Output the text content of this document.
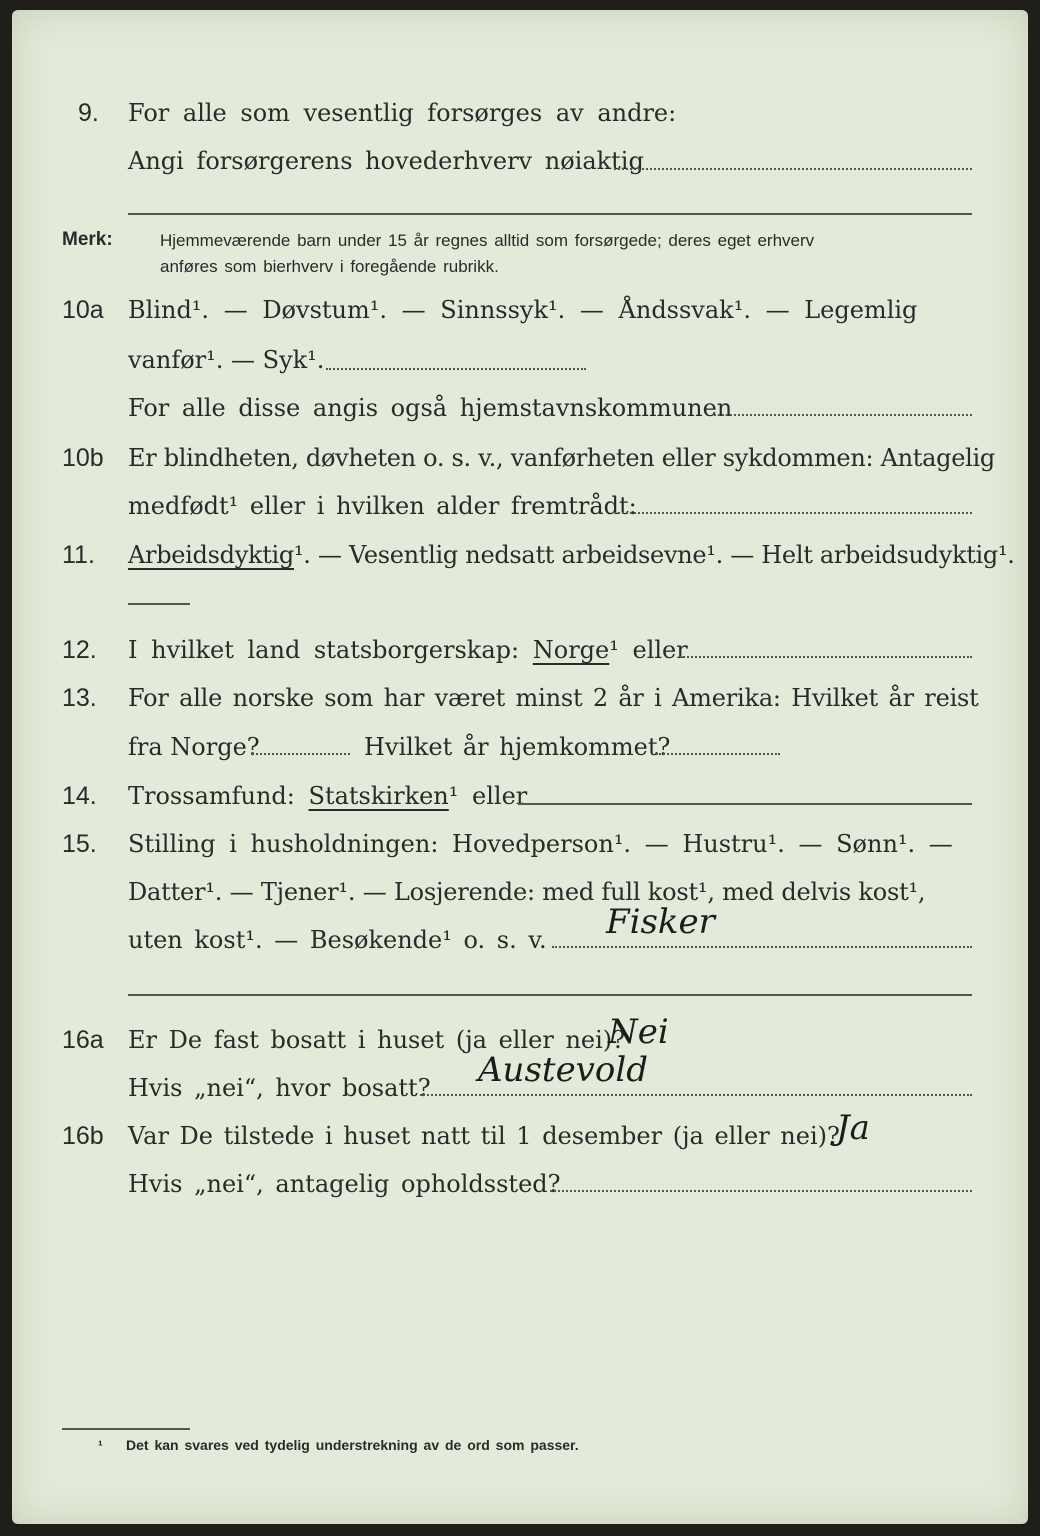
9. For alle som vesentlig forsørges av andre:
Angi forsørgerens hovederhverv nøiaktig
Merk:	Hjemmeværende barn under 15 år regnes alltid som forsørgede; deres eget erhverv
anføres som bierhverv i foregående rubrikk.
10a Blind¹. — Døvstum¹. — Sinnssyk¹. — Åndssvak¹. — Legemlig
vanfør¹. — Syk¹.
For alle disse angis også hjemstavnskommunen
10b Er blindheten, døvheten o. s. v., vanførheten eller sykdommen: Antagelig
medfødt¹ eller i hvilken alder fremtrådt:
11. Arbeidsdyktig¹. — Vesentlig nedsatt arbeidsevne¹. — Helt arbeidsudyktig¹.
12. I hvilket land statsborgerskap: Norge¹ eller
13. For alle norske som har været minst 2 år i Amerika: Hvilket år reist
fra Norge?	Hvilket år hjemkommet?
14. Trossamfund: Statskirken¹ eller
15. Stilling i husholdningen: Hovedperson¹. — Hustru¹. — Sønn¹. —
Datter¹. — Tjener¹. — Losjerende: med full kost¹, med delvis kost¹,
uten kost¹. — Besøkende¹ o. s. v. Fisker
16a Er De fast bosatt i huset (ja eller nei)?
Nei
Hvis „nei“, hvor bosatt? Austevold
16b Var De tilstede i huset natt til 1 desember (ja eller nei)?
Ja
Hvis „nei“, antagelig opholdssted?
¹ Det kan svares ved tydelig understrekning av de ord som passer.
